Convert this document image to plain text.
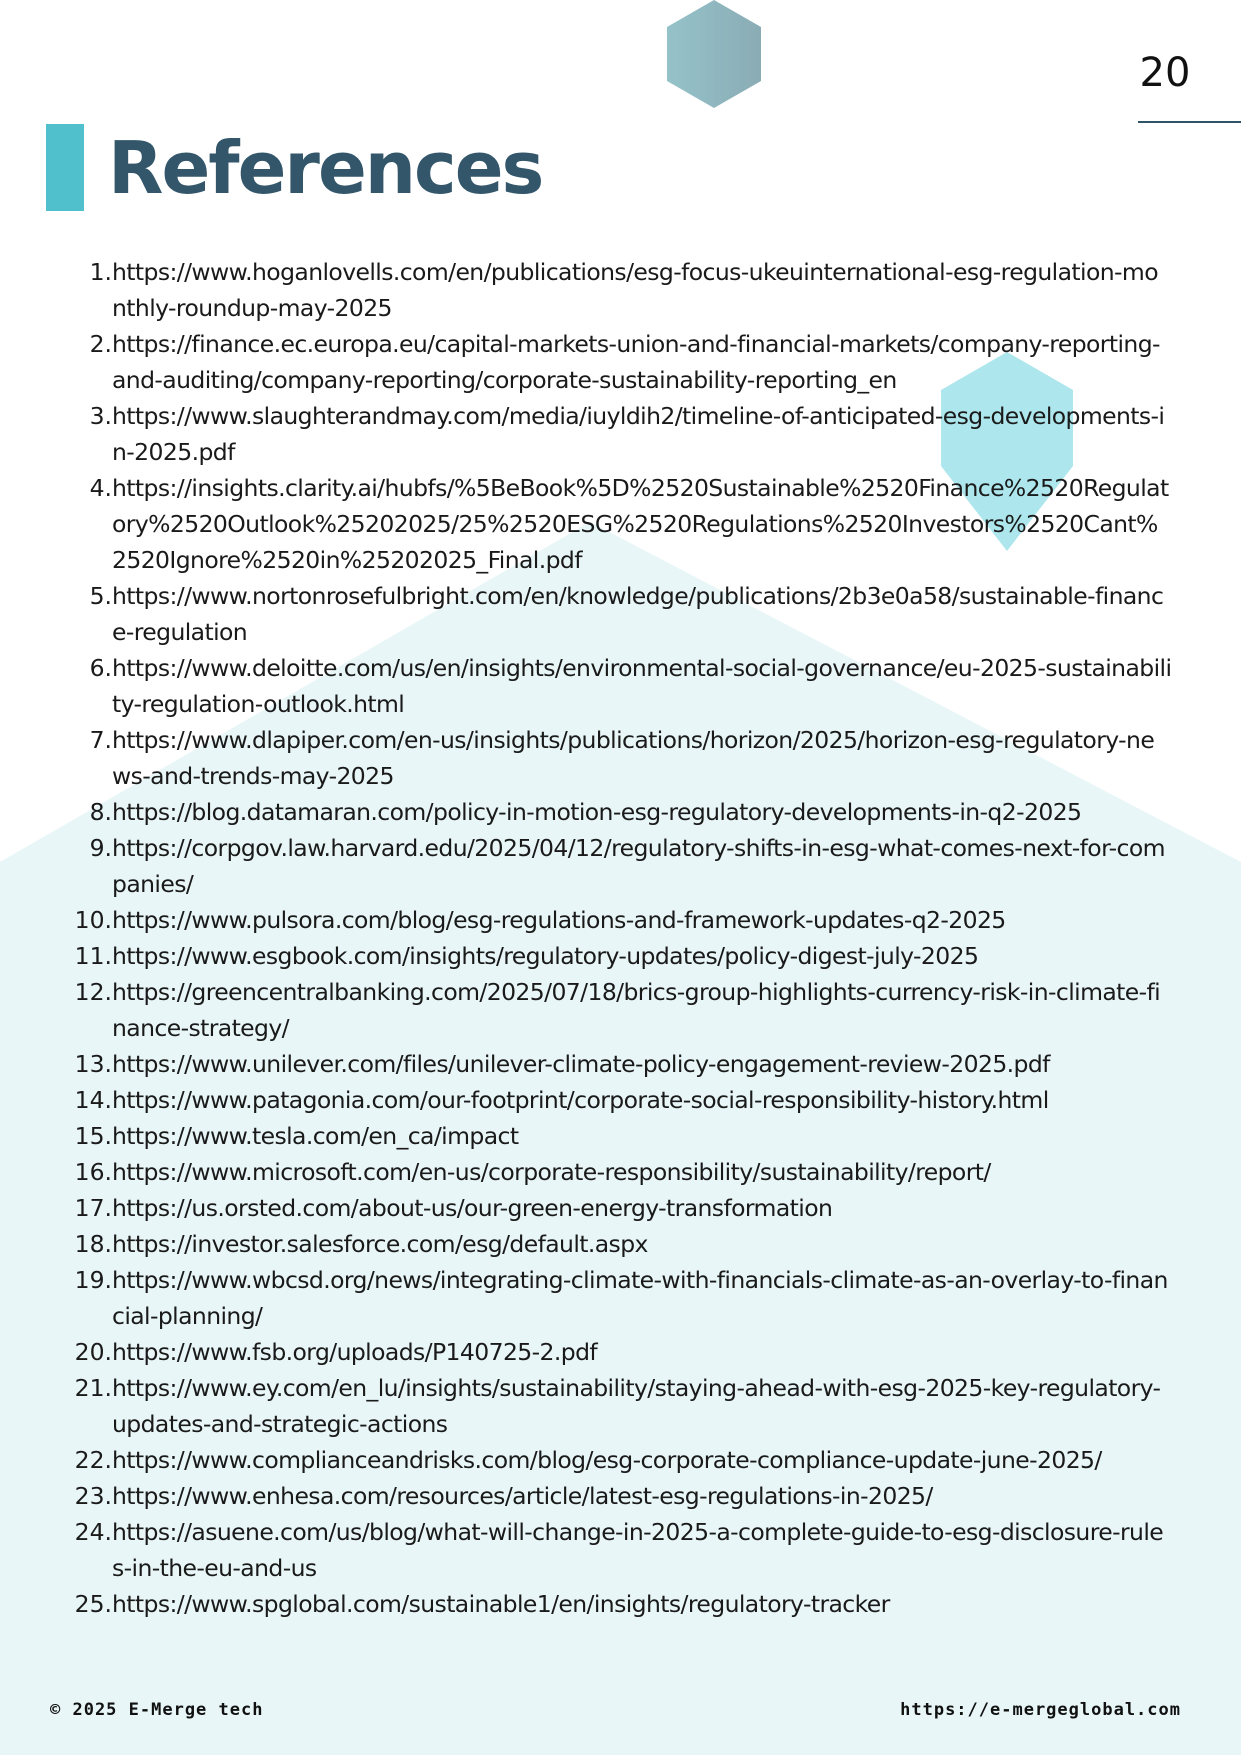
20
References
1. https://www.hoganlovells.com/en/publications/esg-focus-ukeuinternational-esg-regulation-monthly-roundup-may-2025
2. https://finance.ec.europa.eu/capital-markets-union-and-financial-markets/company-reporting-and-auditing/company-reporting/corporate-sustainability-reporting_en
3. https://www.slaughterandmay.com/media/iuyldih2/timeline-of-anticipated-esg-developments-in-2025.pdf
4. https://insights.clarity.ai/hubfs/%5BeBook%5D%2520Sustainable%2520Finance%2520Regulatory%2520Outlook%25202025/25%2520ESG%2520Regulations%2520Investors%2520Cant%2520Ignore%2520in%25202025_Final.pdf
5. https://www.nortonrosefulbright.com/en/knowledge/publications/2b3e0a58/sustainable-finance-regulation
6. https://www.deloitte.com/us/en/insights/environmental-social-governance/eu-2025-sustainability-regulation-outlook.html
7. https://www.dlapiper.com/en-us/insights/publications/horizon/2025/horizon-esg-regulatory-news-and-trends-may-2025
8. https://blog.datamaran.com/policy-in-motion-esg-regulatory-developments-in-q2-2025
9. https://corpgov.law.harvard.edu/2025/04/12/regulatory-shifts-in-esg-what-comes-next-for-companies/
10. https://www.pulsora.com/blog/esg-regulations-and-framework-updates-q2-2025
11. https://www.esgbook.com/insights/regulatory-updates/policy-digest-july-2025
12. https://greencentralbanking.com/2025/07/18/brics-group-highlights-currency-risk-in-climate-finance-strategy/
13. https://www.unilever.com/files/unilever-climate-policy-engagement-review-2025.pdf
14. https://www.patagonia.com/our-footprint/corporate-social-responsibility-history.html
15. https://www.tesla.com/en_ca/impact
16. https://www.microsoft.com/en-us/corporate-responsibility/sustainability/report/
17. https://us.orsted.com/about-us/our-green-energy-transformation
18. https://investor.salesforce.com/esg/default.aspx
19. https://www.wbcsd.org/news/integrating-climate-with-financials-climate-as-an-overlay-to-financial-planning/
20. https://www.fsb.org/uploads/P140725-2.pdf
21. https://www.ey.com/en_lu/insights/sustainability/staying-ahead-with-esg-2025-key-regulatory-updates-and-strategic-actions
22. https://www.complianceandrisks.com/blog/esg-corporate-compliance-update-june-2025/
23. https://www.enhesa.com/resources/article/latest-esg-regulations-in-2025/
24. https://asuene.com/us/blog/what-will-change-in-2025-a-complete-guide-to-esg-disclosure-rules-in-the-eu-and-us
25. https://www.spglobal.com/sustainable1/en/insights/regulatory-tracker
© 2025 E-Merge tech	https://e-mergeglobal.com
